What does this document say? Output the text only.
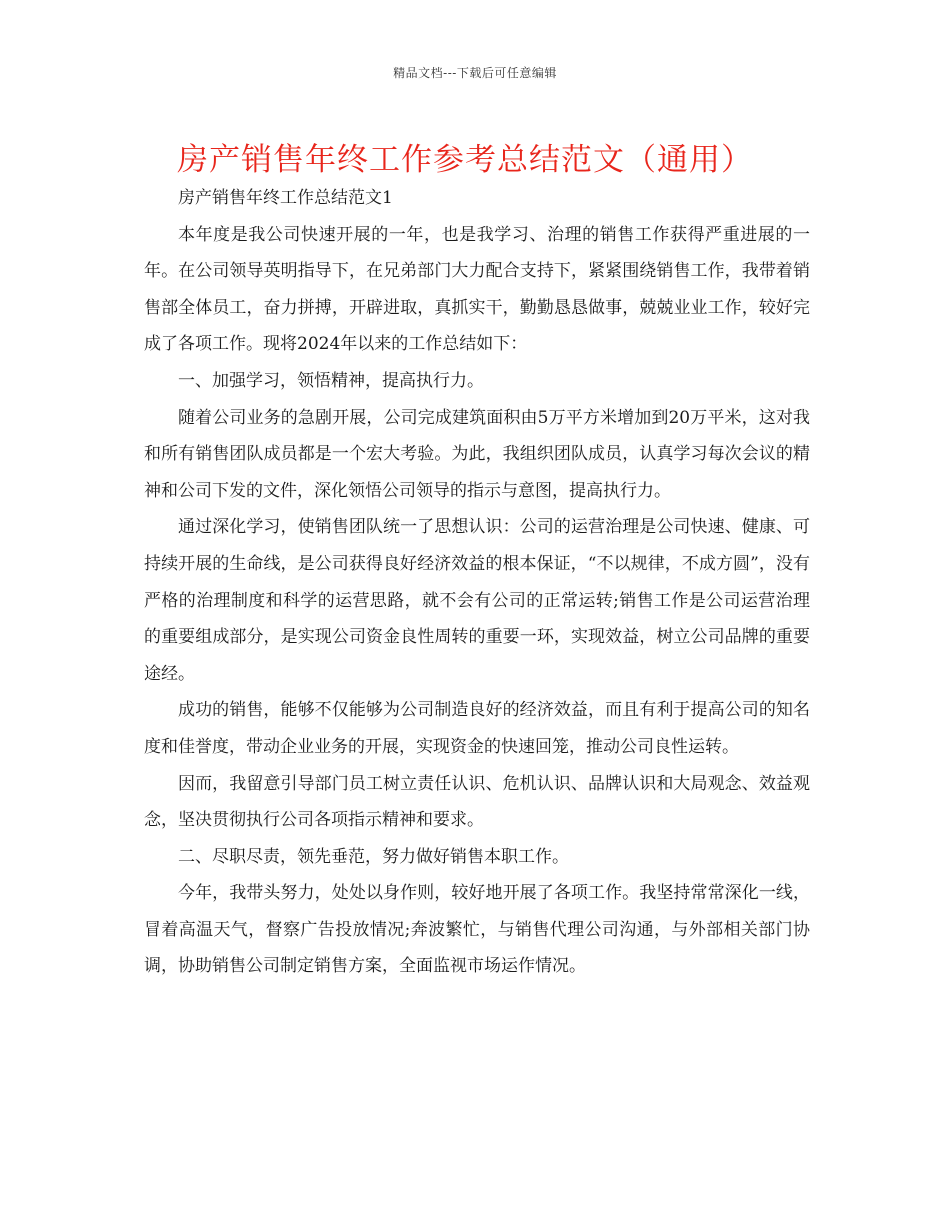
精品文档---下载后可任意编辑
房产销售年终工作参考总结范文（通用）

房产销售年终工作总结范文1

本年度是我公司快速开展的一年，也是我学习、治理的销售工作获得严重进展的一年。在公司领导英明指导下，在兄弟部门大力配合支持下，紧紧围绕销售工作，我带着销售部全体员工，奋力拼搏，开辟进取，真抓实干，勤勤恳恳做事，兢兢业业工作，较好完成了各项工作。现将2024年以来的工作总结如下：

一、加强学习，领悟精神，提高执行力。

随着公司业务的急剧开展，公司完成建筑面积由5万平方米增加到20万平米，这对我和所有销售团队成员都是一个宏大考验。为此，我组织团队成员，认真学习每次会议的精神和公司下发的文件，深化领悟公司领导的指示与意图，提高执行力。

通过深化学习，使销售团队统一了思想认识：公司的运营治理是公司快速、健康、可持续开展的生命线，是公司获得良好经济效益的根本保证，“不以规律，不成方圆”，没有严格的治理制度和科学的运营思路，就不会有公司的正常运转;销售工作是公司运营治理的重要组成部分，是实现公司资金良性周转的重要一环，实现效益，树立公司品牌的重要途经。

成功的销售，能够不仅能够为公司制造良好的经济效益，而且有利于提高公司的知名度和佳誉度，带动企业业务的开展，实现资金的快速回笼，推动公司良性运转。

因而，我留意引导部门员工树立责任认识、危机认识、品牌认识和大局观念、效益观念，坚决贯彻执行公司各项指示精神和要求。

二、尽职尽责，领先垂范，努力做好销售本职工作。

今年，我带头努力，处处以身作则，较好地开展了各项工作。我坚持常常深化一线，冒着高温天气，督察广告投放情况;奔波繁忙，与销售代理公司沟通，与外部相关部门协调，协助销售公司制定销售方案，全面监视市场运作情况。
